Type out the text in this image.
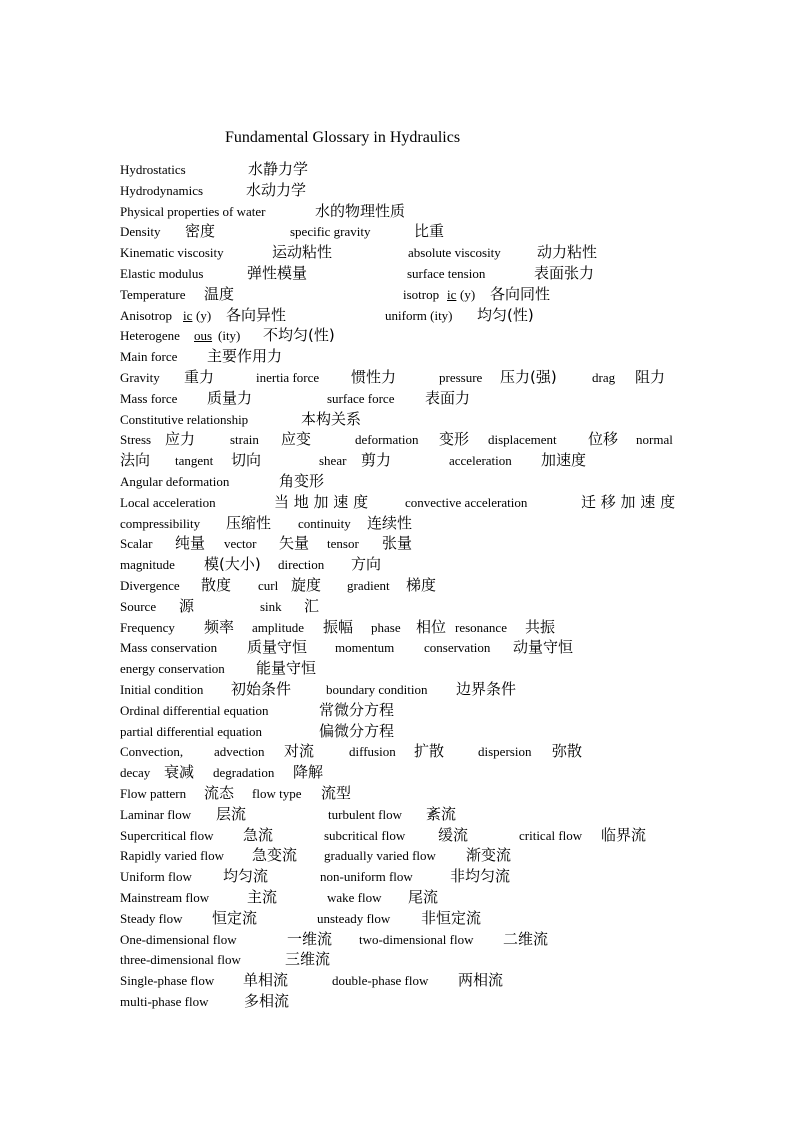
Fundamental Glossary in Hydraulics
Hydrostatics	水静力学
Hydrodynamics	水动力学
Physical properties of water	水的物理性质
Density 密度	specific gravity	比重
Kinematic viscosity	运动粘性	absolute viscosity 动力粘性
Elastic modulus	弹性模量	surface tension	表面张力
Temperature 温度	isotrop ic (y) 各向同性
Anisotrop ic (y) 各向异性	uniform (ity) 均匀(性)
Heterogene ous (ity) 不均匀(性)
Main force 主要作用力
Gravity 重力	inertia force 惯性力	pressure 压力(强)	drag 阻力
Mass force 质量力	surface force 表面力
Constitutive relationship	本构关系
Stress 应力	strain 应变	deformation 变形 displacement 位移 normal
法向 tangent 切向	shear 剪力	acceleration 加速度
Angular deformation	角变形
Local acceleration	当 地 加 速 度	convective acceleration	迁 移 加 速 度
compressibility 压缩性 continuity 连续性
Scalar 纯量 vector 矢量 tensor 张量
magnitude 模(大小) direction 方向
Divergence 散度 curl 旋度 gradient 梯度
Source 源	sink 汇
Frequency 频率 amplitude 振幅 phase 相位 resonance 共振
Mass conservation 质量守恒 momentum conservation 动量守恒
energy conservation 能量守恒
Initial condition 初始条件	boundary condition 边界条件
Ordinal differential equation	常微分方程
partial differential equation	偏微分方程
Convection, advection 对流	diffusion 扩散	dispersion 弥散
decay 衰减 degradation 降解
Flow pattern 流态 flow type 流型
Laminar flow 层流	turbulent flow 紊流
Supercritical flow 急流	subcritical flow 缓流	critical flow 临界流
Rapidly varied flow 急变流 gradually varied flow 渐变流
Uniform flow 均匀流	non-uniform flow 非均匀流
Mainstream flow	主流	wake flow 尾流
Steady flow 恒定流	unsteady flow 非恒定流
One-dimensional flow	一维流 two-dimensional flow 二维流
three-dimensional flow	三维流
Single-phase flow 单相流	double-phase flow 两相流
multi-phase flow 多相流
